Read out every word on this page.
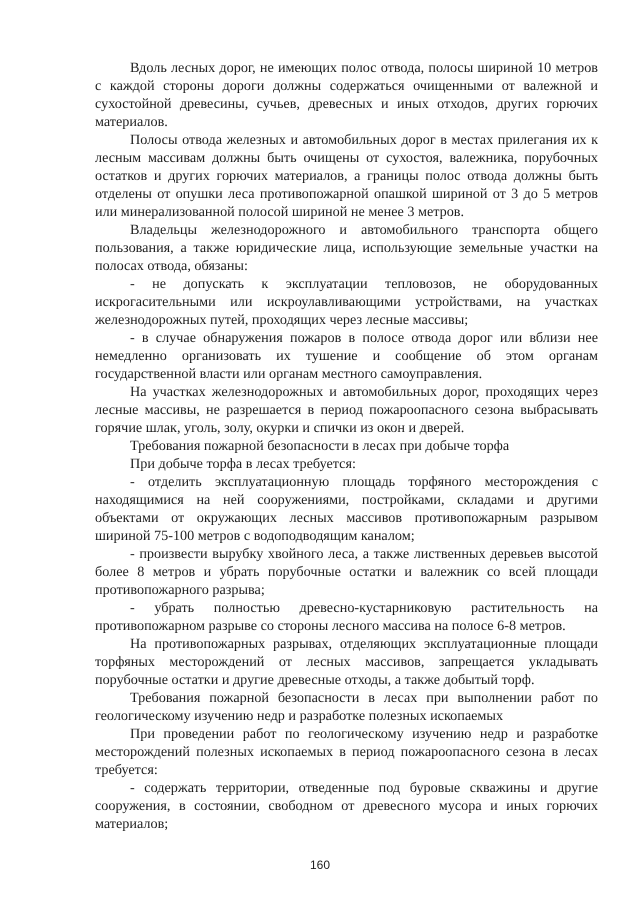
Вдоль лесных дорог, не имеющих полос отвода, полосы шириной 10 метров с каждой стороны дороги должны содержаться очищенными от валежной и сухостойной древесины, сучьев, древесных и иных отходов, других горючих материалов.

Полосы отвода железных и автомобильных дорог в местах прилегания их к лесным массивам должны быть очищены от сухостоя, валежника, порубочных остатков и других горючих материалов, а границы полос отвода должны быть отделены от опушки леса противопожарной опашкой шириной от 3 до 5 метров или минерализованной полосой шириной не менее 3 метров.

Владельцы железнодорожного и автомобильного транспорта общего пользования, а также юридические лица, использующие земельные участки на полосах отвода, обязаны:

- не допускать к эксплуатации тепловозов, не оборудованных искрогасительными или искроулавливающими устройствами, на участках железнодорожных путей, проходящих через лесные массивы;

- в случае обнаружения пожаров в полосе отвода дорог или вблизи нее немедленно организовать их тушение и сообщение об этом органам государственной власти или органам местного самоуправления.

На участках железнодорожных и автомобильных дорог, проходящих через лесные массивы, не разрешается в период пожароопасного сезона выбрасывать горячие шлак, уголь, золу, окурки и спички из окон и дверей.

Требования пожарной безопасности в лесах при добыче торфа

При добыче торфа в лесах требуется:

- отделить эксплуатационную площадь торфяного месторождения с находящимися на ней сооружениями, постройками, складами и другими объектами от окружающих лесных массивов противопожарным разрывом шириной 75-100 метров с водоподводящим каналом;

- произвести вырубку хвойного леса, а также лиственных деревьев высотой более 8 метров и убрать порубочные остатки и валежник со всей площади противопожарного разрыва;

- убрать полностью древесно-кустарниковую растительность на противопожарном разрыве со стороны лесного массива на полосе 6-8 метров.

На противопожарных разрывах, отделяющих эксплуатационные площади торфяных месторождений от лесных массивов, запрещается укладывать порубочные остатки и другие древесные отходы, а также добытый торф.

Требования пожарной безопасности в лесах при выполнении работ по геологическому изучению недр и разработке полезных ископаемых

При проведении работ по геологическому изучению недр и разработке месторождений полезных ископаемых в период пожароопасного сезона в лесах требуется:

- содержать территории, отведенные под буровые скважины и другие сооружения, в состоянии, свободном от древесного мусора и иных горючих материалов;

160
